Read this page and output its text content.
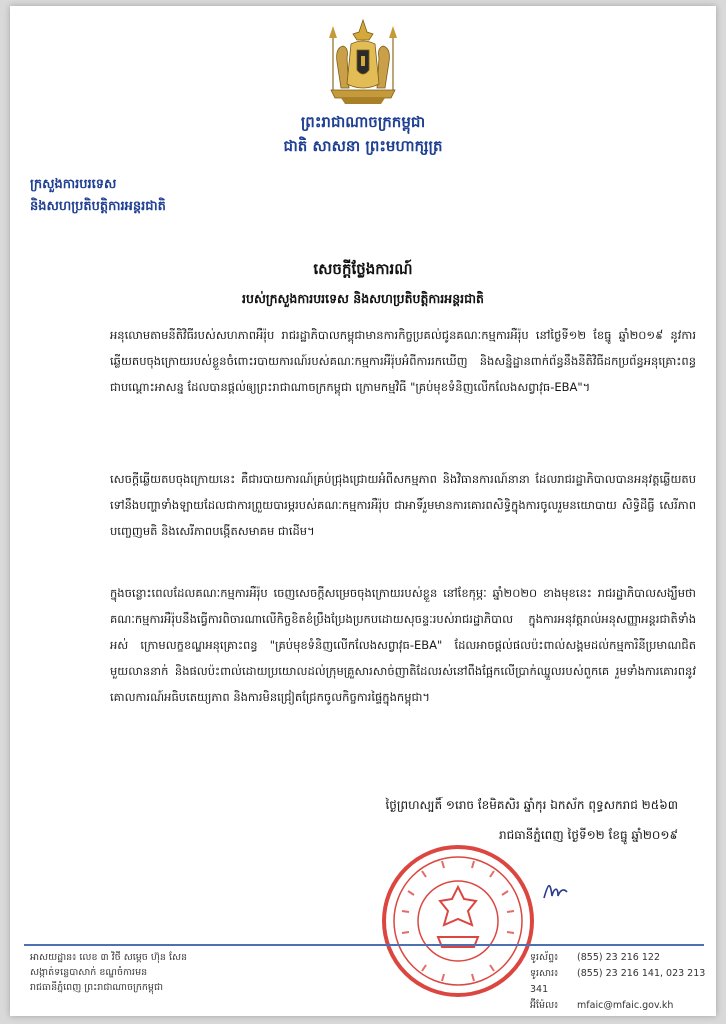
ព្រះរាជាណាចក្រកម្ពុជា
ជាតិ សាសនា ព្រះមហាក្សត្រ
ក្រសួងការបរទេស
និងសហប្រតិបត្តិការអន្តរជាតិ
សេចក្តីថ្លែងការណ៍
របស់ក្រសួងការបរទេស និងសហប្រតិបត្តិការអន្តរជាតិ

អនុលោមតាមនីតិវិធីរបស់សហភាពអឺរ៉ុប រាជរដ្ឋាភិបាលកម្ពុជាមានការកិច្ចប្រគល់ជូនគណៈកម្មការអឺរ៉ុប នៅថ្ងៃទី១២ ខែធ្នូ ឆ្នាំ២០១៩ នូវការឆ្លើយតបចុងក្រោយរបស់ខ្លួនចំពោះរបាយការណ៍របស់គណៈកម្មការអឺរ៉ុបអំពីការរកឃើញ និងសន្និដ្ឋានពាក់ព័ន្ធនឹងនីតិវិធីដកប្រព័ន្ធអនុគ្រោះពន្ធជាបណ្តោះអាសន្ន ដែលបានផ្តល់ឲ្យព្រះរាជាណាចក្រកម្ពុជា ក្រោមកម្មវិធី "គ្រប់មុខទំនិញលើកលែងសព្វាវុធ-EBA"។

សេចក្តីឆ្លើយតបចុងក្រោយនេះ គឺជារបាយការណ៍គ្រប់ជ្រុងជ្រោយអំពីសកម្មភាព និងវិធានការណ៍នានា ដែលរាជរដ្ឋាភិបាលបានអនុវត្តឆ្លើយតបទៅនឹងបញ្ហាទាំងឡាយដែលជាការព្រួយបារម្ភរបស់គណៈកម្មការអឺរ៉ុប ជាអាទិ៍រួមមានការគោរពសិទ្ធិក្នុងការចូលរួមនយោបាយ សិទ្ធិដីធ្លី សេរីភាពបញ្ចេញមតិ និងសេរីភាពបង្កើតសមាគម ជាដើម។

ក្នុងចន្លោះពេលដែលគណៈកម្មការអឺរ៉ុប ចេញសេចក្តីសម្រេចចុងក្រោយរបស់ខ្លួន នៅខែកុម្ភៈ ឆ្នាំ២០២០ ខាងមុខនេះ រាជរដ្ឋាភិបាលសង្ឃឹមថា គណៈកម្មការអឺរ៉ុបនឹងធ្វើការពិចារណាលើកិច្ចខិតខំប្រឹងប្រែងប្រកបដោយសុចន្ទៈរបស់រាជរដ្ឋាភិបាល ក្នុងការអនុវត្តរាល់អនុសញ្ញាអន្តរជាតិទាំងអស់ ក្រោមលក្ខខណ្ឌអនុគ្រោះពន្ធ "គ្រប់មុខទំនិញលើកលែងសព្វាវុធ-EBA" ដែលអាចផ្តល់ផលប៉ះពាល់សង្គមដល់កម្មការិនីប្រមាណជិតមួយលាននាក់ និងផលប៉ះពាល់ដោយប្រយោលដល់ក្រុមគ្រួសារសាច់ញាតិដែលរស់នៅពឹងផ្អែកលើប្រាក់ឈ្នួលរបស់ពួកគេ រួមទាំងការគោរពនូវគោលការណ៍អធិបតេយ្យភាព និងការមិនជ្រៀតជ្រែកចូលកិច្ចការផ្ទៃក្នុងកម្ពុជា។

ថ្ងៃព្រហស្បតិ៍ ១រោច ខែមិគសិរ ឆ្នាំកុរ ឯកស័ក ពុទ្ធសករាជ ២៥៦៣
រាជធានីភ្នំពេញ ថ្ងៃទី១២ ខែធ្នូ ឆ្នាំ២០១៩
អាសយដ្ឋាន៖ លេខ ៣ វិថី សម្តេច ហ៊ុន សែន
សង្កាត់ទន្លេបាសាក់ ខណ្ឌចំការមន
រាជធានីភ្នំពេញ ព្រះរាជាណាចក្រកម្ពុជា
ទូរស័ព្ទ៖ (855) 23 216 122
ទូរសារ៖ (855) 23 216 141, 023 213 341
អ៊ីម៉ែល៖ mfaic@mfaic.gov.kh
